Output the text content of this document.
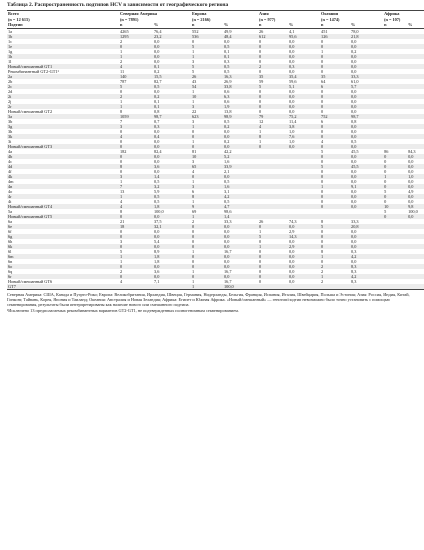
Таблица 2. Распространенность подтипов HCV в зависимости от географического региона
Всего	Северная Америка		Европа		Азия		Океания		Африка	
(n = 12 615)	(n = 7891)		(n = 2166)		(n = 977)		(n = 1474)		(n = 107)	
Подтип	n	%	n	%	n	%	n	%	n	%
1a	4265	76,4	552	49,9	26	4,1	451	78,0		
1b	1295	23,2	536	48,4	612	95,6	126	21,8		
1c	2	0,0	0	0,0	0	0,0	0	0,0		
1e	0	0,0	5	0,5	0	0,0	0	0,0		
1g	1	0,0	1	0,1	0	0,0	1	0,2		
1h	1	0,0	1	0,1	0	0,0	0	0,0		
1l	2	0,0	3	0,3	0	0,0	0	0,0		
Новый/смешанный GT1	4	0,1	5	0,5	2	0,3	0	0,0		
Рекомбинантный GT2-GT1¹	11	0,2	5	0,5	0	0,0	0	0,0		
2a	140	15,5	26	16,3	35	35,4	35	33,3		
2b	787	82,7	43	26,9	59	59,6	64	61,0		
2c	5	0,5	54	33,8	5	5,1	6	5,7		
2d	0	0,0	1	0,6	0	0,0	0	0,0		
2i	2	0,2	10	6,3	0	0,0	0	0,0		
2j	1	0,1	1	0,6	0	0,0	0	0,0		
2r	1	0,1	3	1,9	0	0,0	0	0,0		
Новый/смешанный GT2	8	0,8	22	13,8	0	0,0	0	0,0		
3a	1059	98,7	623	98,9	79	75,2	752	98,7		
3b	7	0,7	3	0,5	12	11,4	6	0,8		
3g	3	0,3	1	0,2	4	3,8	0	0,0		
3h	0	0,0	0	0,0	1	1,0	0	0,0		
3k	4	0,4	0	0,0	8	7,6	0	0,0		
3i	0	0,0	1	0,2	1	1,0	4	0,5		
Новый/смешанный GT3	0	0,0	0	0,0	0	0,0	0	0,0		
4a	182	82,4	81	42,2			5	45,5	86	84,3
4b	0	0,0	10	5,2			0	0,0	0	0,0
4c	0	0,0	3	1,6			0	0,0	0	0,0
4d	8	3,6	65	33,9			5	45,5	0	0,0
4f	0	0,0	4	2,1			0	0,0	0	0,0
4k	3	1,4	0	0,0			0	0,0	1	1,0
4m	1	0,5	1	0,5			0	0,0	0	0,0
4n	7	3,2	3	1,6			1	9,1	0	0,0
4o	13	5,9	6	3,1			0	0,0	5	4,9
4r	1	0,5	8	4,2			0	0,0	0	0,0
4t	4	0,5	1	0,5			0	0,0	0	0,0
Новый/смешанный GT4	4	1,8	9	4,7			0	0,0	10	9,8
5a	8	100,0	69	98,6					5	100,0
Новый/смешанный GT5	0	0,0	1	1,4					0	0,0
6a	21	37,5	2	33,3	26	74,3	8	33,3		
6e	18	32,1	0	0,0	0	0,0	5	20,8		
6f	0	0,0	0	0,0	1	2,9	0	0,0		
6g	0	0,0	0	0,0	5	14,3	0	0,0		
6h	3	5,4	0	0,0	0	0,0	0	0,0		
6k	0	0,0	0	0,0	1	2,9	0	0,0		
6l	5	8,9	1	16,7	0	0,0	8	0,3		
6m	1	1,8	0	0,0	0	0,0	1	4,2		
6n	1	1,8	0	0,0	0	0,0	0	0,0		
6o	0	0,0	0	0,0	0	0,0	2	8,3		
6q	2	3,6	1	16,7	0	0,0	2	8,3		
6r	0	0,0	0	0,0	0	0,0	1	4,2		
Новый/смешанный GT6	4	7,1	1	16,7	0	0,0	2	8,3		
GT7			1	100,0						
Северная Америка: США, Канада и Пуэрто-Рико; Европа: Великобритания, Ирландия, Швеция, Германия, Нидерланды, Бельгия, Франция, Испания, Италия, Швейцария, Польша и Эстония; Азия: Россия, Индия, Китай, Гонконг, Тайвань, Корея, Япония и Таиланд; Океания: Австралия и Новая Зеландия; Африка: Египет и Южная Африка. «Новый/смешанный» — генотип/подтип невозможно было точно установить с помощью секвенирования, результаты были интерпретированы как наличие нового или смешанного подтипа.
¹Исключено 13 предполагаемых рекомбинантных вариантов GT2-GT1, не подтвержденных полногеномным секвенированием.
